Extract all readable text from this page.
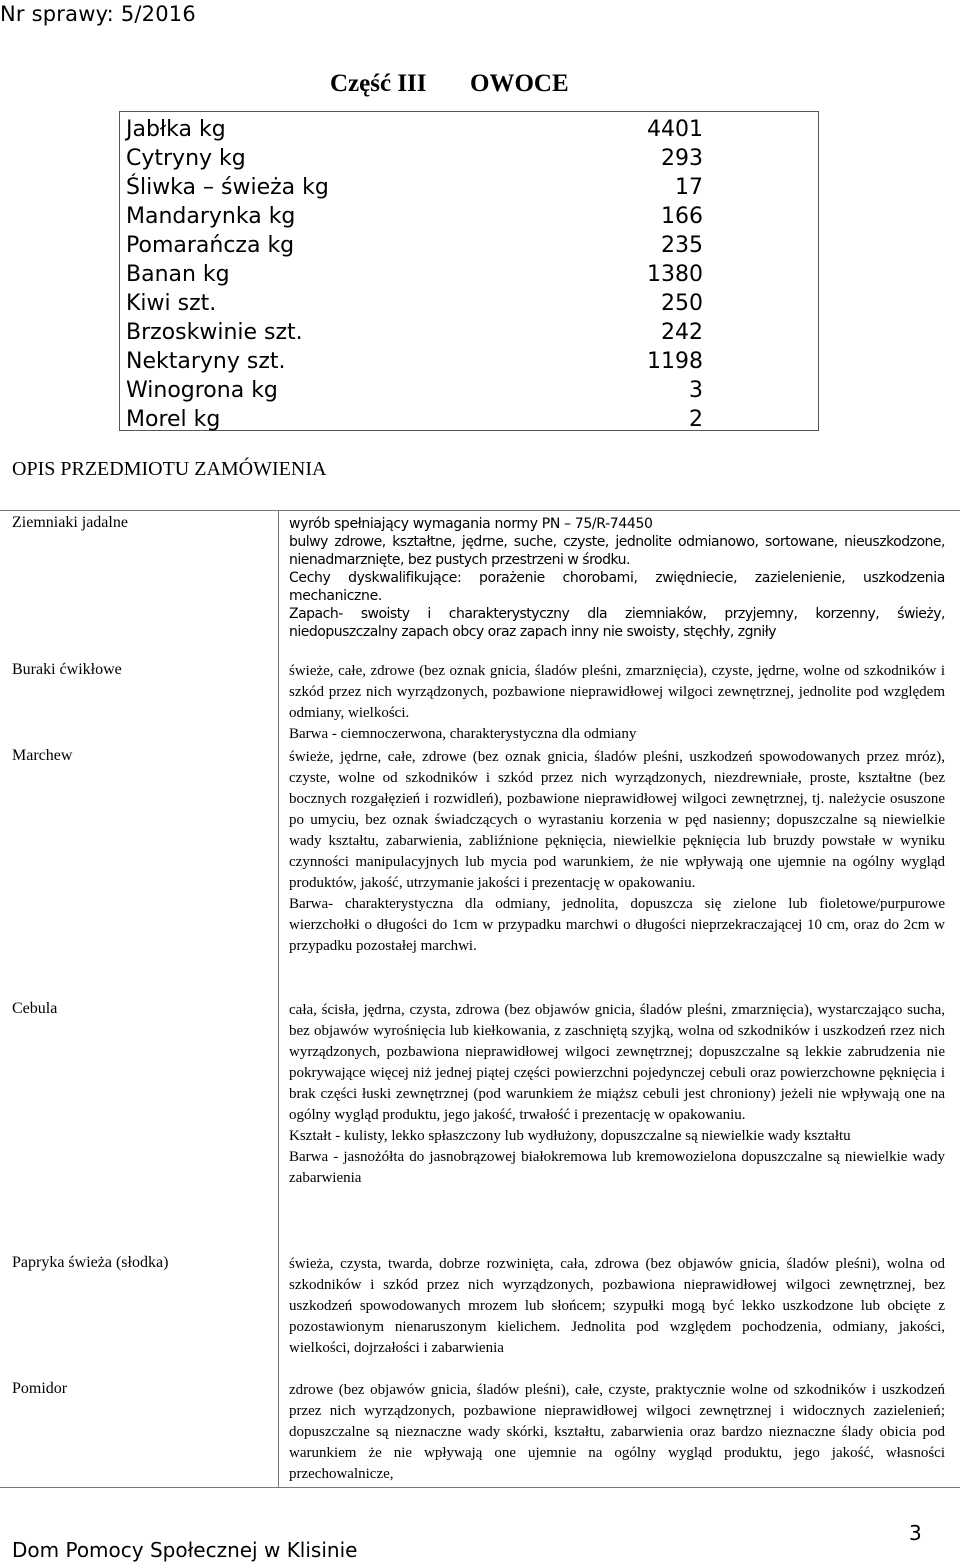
Nr sprawy: 5/2016
Część III OWOCE
Jabłka kg	4401
Cytryny kg	293
Śliwka – świeża kg	17
Mandarynka kg	166
Pomarańcza kg	235
Banan kg	1380
Kiwi szt.	250
Brzoskwinie szt.	242
Nektaryny szt.	1198
Winogrona kg	3
Morel kg	2
OPIS PRZEDMIOTU ZAMÓWIENIA
Ziemniaki jadalne	wyrób spełniający wymagania normy PN – 75/R-74450

bulwy zdrowe, kształtne, jędrne, suche, czyste, jednolite odmianowo, sortowane, nieuszkodzone, nienadmarznięte, bez pustych przestrzeni w środku.

Cechy dyskwalifikujące: porażenie chorobami, zwiędniecie, zazielenienie, uszkodzenia mechaniczne.

Zapach- swoisty i charakterystyczny dla ziemniaków, przyjemny, korzenny, świeży, niedopuszczalny zapach obcy oraz zapach inny nie swoisty, stęchły, zgniły

Buraki ćwikłowe	świeże, całe, zdrowe (bez oznak gnicia, śladów pleśni, zmarznięcia), czyste, jędrne, wolne od szkodników i szkód przez nich wyrządzonych, pozbawione nieprawidłowej wilgoci zewnętrznej, jednolite pod względem odmiany, wielkości.

Barwa - ciemnoczerwona, charakterystyczna dla odmiany

Marchew	świeże, jędrne, całe, zdrowe (bez oznak gnicia, śladów pleśni, uszkodzeń spowodowanych przez mróz), czyste, wolne od szkodników i szkód przez nich wyrządzonych, niezdrewniałe, proste, kształtne (bez bocznych rozgałęzień i rozwidleń), pozbawione nieprawidłowej wilgoci zewnętrznej, tj. należycie osuszone po umyciu, bez oznak świadczących o wyrastaniu korzenia w pęd nasienny; dopuszczalne są niewielkie wady kształtu, zabarwienia, zabliźnione pęknięcia, niewielkie pęknięcia lub bruzdy powstałe w wyniku czynności manipulacyjnych lub mycia pod warunkiem, że nie wpływają one ujemnie na ogólny wygląd produktów, jakość, utrzymanie jakości i prezentację w opakowaniu.

Barwa- charakterystyczna dla odmiany, jednolita, dopuszcza się zielone lub fioletowe/purpurowe wierzchołki o długości do 1cm w przypadku marchwi o długości nieprzekraczającej 10 cm, oraz do 2cm w przypadku pozostałej marchwi.

Cebula	cała, ścisła, jędrna, czysta, zdrowa (bez objawów gnicia, śladów pleśni, zmarznięcia), wystarczająco sucha, bez objawów wyrośnięcia lub kiełkowania, z zaschniętą szyjką, wolna od szkodników i uszkodzeń rzez nich wyrządzonych, pozbawiona nieprawidłowej wilgoci zewnętrznej; dopuszczalne są lekkie zabrudzenia nie pokrywające więcej niż jednej piątej części powierzchni pojedynczej cebuli oraz powierzchowne pęknięcia i brak części łuski zewnętrznej (pod warunkiem że miąższ cebuli jest chroniony) jeżeli nie wpływają one na ogólny wygląd produktu, jego jakość, trwałość i prezentację w opakowaniu.

Kształt - kulisty, lekko spłaszczony lub wydłużony, dopuszczalne są niewielkie wady kształtu

Barwa - jasnożółta do jasnobrązowej białokremowa lub kremowozielona dopuszczalne są niewielkie wady zabarwienia

Papryka świeża (słodka)	świeża, czysta, twarda, dobrze rozwinięta, cała, zdrowa (bez objawów gnicia, śladów pleśni), wolna od szkodników i szkód przez nich wyrządzonych, pozbawiona nieprawidłowej wilgoci zewnętrznej, bez uszkodzeń spowodowanych mrozem lub słońcem; szypułki mogą być lekko uszkodzone lub obcięte z pozostawionym nienaruszonym kielichem. Jednolita pod względem pochodzenia, odmiany, jakości, wielkości, dojrzałości i zabarwienia

Pomidor	zdrowe (bez objawów gnicia, śladów pleśni), całe, czyste, praktycznie wolne od szkodników i uszkodzeń przez nich wyrządzonych, pozbawione nieprawidłowej wilgoci zewnętrznej i widocznych zazielenień; dopuszczalne są nieznaczne wady skórki, kształtu, zabarwienia oraz bardzo nieznaczne ślady obicia pod warunkiem że nie wpływają one ujemnie na ogólny wygląd produktu, jego jakość, własności przechowalnicze,

Dom Pomocy Społecznej w Klisinie
3
